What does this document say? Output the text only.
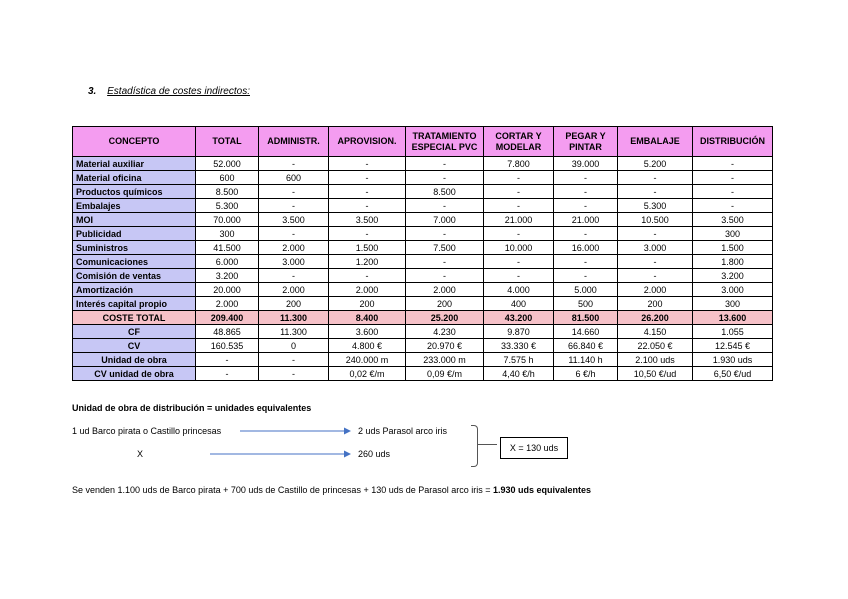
3. Estadística de costes indirectos:
CONCEPTO	TOTAL	ADMINISTR.	APROVISION.	TRATAMIENTO ESPECIAL PVC	CORTAR Y MODELAR	PEGAR Y PINTAR	EMBALAJE	DISTRIBUCIÓN
Material auxiliar	52.000	-	-	-	7.800	39.000	5.200	-
Material oficina	600	600	-	-	-	-	-	-
Productos químicos	8.500	-	-	8.500	-	-	-	-
Embalajes	5.300	-	-	-	-	-	5.300	-
MOI	70.000	3.500	3.500	7.000	21.000	21.000	10.500	3.500
Publicidad	300	-	-	-	-	-	-	300
Suministros	41.500	2.000	1.500	7.500	10.000	16.000	3.000	1.500
Comunicaciones	6.000	3.000	1.200	-	-	-	-	1.800
Comisión de ventas	3.200	-	-	-	-	-	-	3.200
Amortización	20.000	2.000	2.000	2.000	4.000	5.000	2.000	3.000
Interés capital propio	2.000	200	200	200	400	500	200	300
COSTE TOTAL	209.400	11.300	8.400	25.200	43.200	81.500	26.200	13.600
CF	48.865	11.300	3.600	4.230	9.870	14.660	4.150	1.055
CV	160.535	0	4.800 €	20.970 €	33.330 €	66.840 €	22.050 €	12.545 €
Unidad de obra	-	-	240.000 m	233.000 m	7.575 h	11.140 h	2.100 uds	1.930 uds
CV unidad de obra	-	-	0,02 €/m	0,09 €/m	4,40 €/h	6 €/h	10,50 €/ud	6,50 €/ud
Unidad de obra de distribución = unidades equivalentes
1 ud Barco pirata o Castillo princesas	2 uds Parasol arco iris
X	260 uds
X = 130 uds
Se venden 1.100 uds de Barco pirata + 700 uds de Castillo de princesas + 130 uds de Parasol arco iris = 1.930 uds equivalentes
